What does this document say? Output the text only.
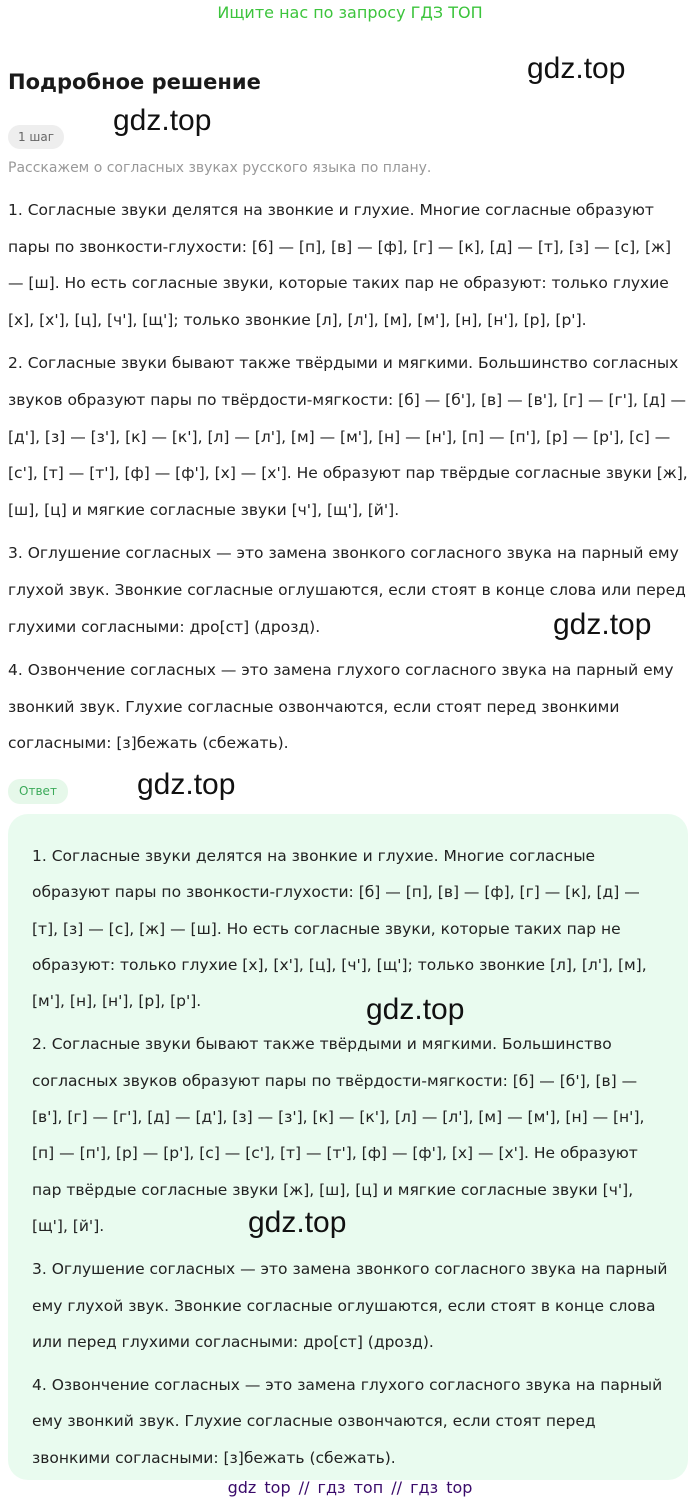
Ищите нас по запросу ГДЗ ТОП
Подробное решение
1 шаг
Расскажем о согласных звуках русского языка по плану.

1. Согласные звуки делятся на звонкие и глухие. Многие согласные образуют пары по звонкости-глухости: [б] — [п], [в] — [ф], [г] — [к], [д] — [т], [з] — [с], [ж] — [ш]. Но есть согласные звуки, которые таких пар не образуют: только глухие [х], [х'], [ц], [ч'], [щ']; только звонкие [л], [л'], [м], [м'], [н], [н'], [р], [р'].

2. Согласные звуки бывают также твёрдыми и мягкими. Большинство согласных звуков образуют пары по твёрдости-мягкости: [б] — [б'], [в] — [в'], [г] — [г'], [д] — [д'], [з] — [з'], [к] — [к'], [л] — [л'], [м] — [м'], [н] — [н'], [п] — [п'], [р] — [р'], [с] — [с'], [т] — [т'], [ф] — [ф'], [х] — [х']. Не образуют пар твёрдые согласные звуки [ж], [ш], [ц] и мягкие согласные звуки [ч'], [щ'], [й'].

3. Оглушение согласных — это замена звонкого согласного звука на парный ему глухой звук. Звонкие согласные оглушаются, если стоят в конце слова или перед глухими согласными: дро[ст] (дрозд).

4. Озвончение согласных — это замена глухого согласного звука на парный ему звонкий звук. Глухие согласные озвончаются, если стоят перед звонкими согласными: [з]бежать (сбежать).

Ответ

1. Согласные звуки делятся на звонкие и глухие. Многие согласные образуют пары по звонкости-глухости: [б] — [п], [в] — [ф], [г] — [к], [д] — [т], [з] — [с], [ж] — [ш]. Но есть согласные звуки, которые таких пар не образуют: только глухие [х], [х'], [ц], [ч'], [щ']; только звонкие [л], [л'], [м], [м'], [н], [н'], [р], [р'].

2. Согласные звуки бывают также твёрдыми и мягкими. Большинство согласных звуков образуют пары по твёрдости-мягкости: [б] — [б'], [в] — [в'], [г] — [г'], [д] — [д'], [з] — [з'], [к] — [к'], [л] — [л'], [м] — [м'], [н] — [н'], [п] — [п'], [р] — [р'], [с] — [с'], [т] — [т'], [ф] — [ф'], [х] — [х']. Не образуют пар твёрдые согласные звуки [ж], [ш], [ц] и мягкие согласные звуки [ч'], [щ'], [й'].

3. Оглушение согласных — это замена звонкого согласного звука на парный ему глухой звук. Звонкие согласные оглушаются, если стоят в конце слова или перед глухими согласными: дро[ст] (дрозд).

4. Озвончение согласных — это замена глухого согласного звука на парный ему звонкий звук. Глухие согласные озвончаются, если стоят перед звонкими согласными: [з]бежать (сбежать).

gdz.top
gdz.top
gdz.top
gdz.top
gdz.top
gdz.top
gdz top // гдз топ // гдз top
